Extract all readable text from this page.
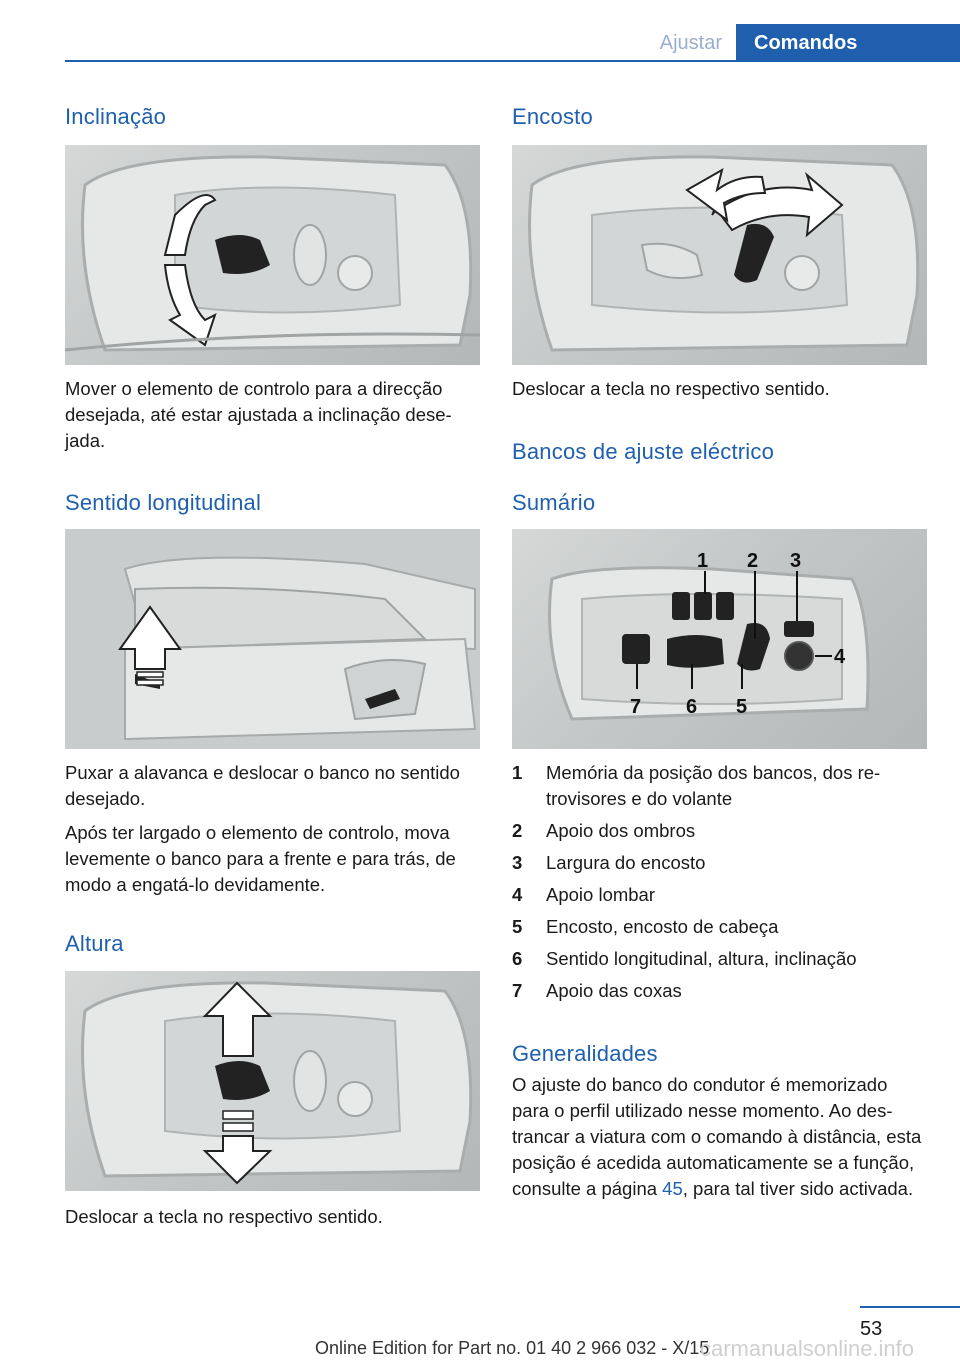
Ajustar	Comandos
Inclinação

Mover o elemento de controlo para a direcção desejada, até estar ajustada a inclinação desejada.

Sentido longitudinal

Puxar a alavanca e deslocar o banco no sentido desejado.

Após ter largado o elemento de controlo, mova levemente o banco para a frente e para trás, de modo a engatá-lo devidamente.

Altura

Deslocar a tecla no respectivo sentido.

Encosto

Deslocar a tecla no respectivo sentido.

Bancos de ajuste eléctrico
Sumário
1 2 3
4
5
6
7
1 Memória da posição dos bancos, dos retrovisores e do volante
2 Apoio dos ombros
3 Largura do encosto
4 Apoio lombar
5 Encosto, encosto de cabeça
6 Sentido longitudinal, altura, inclinação
7 Apoio das coxas
Generalidades

O ajuste do banco do condutor é memorizado para o perfil utilizado nesse momento. Ao destrancar a viatura com o comando à distância, esta posição é acedida automaticamente se a função, consulte a página 45, para tal tiver sido activada.

53
Online Edition for Part no. 01 40 2 966 032 - X/15
carmanualsonline.info
